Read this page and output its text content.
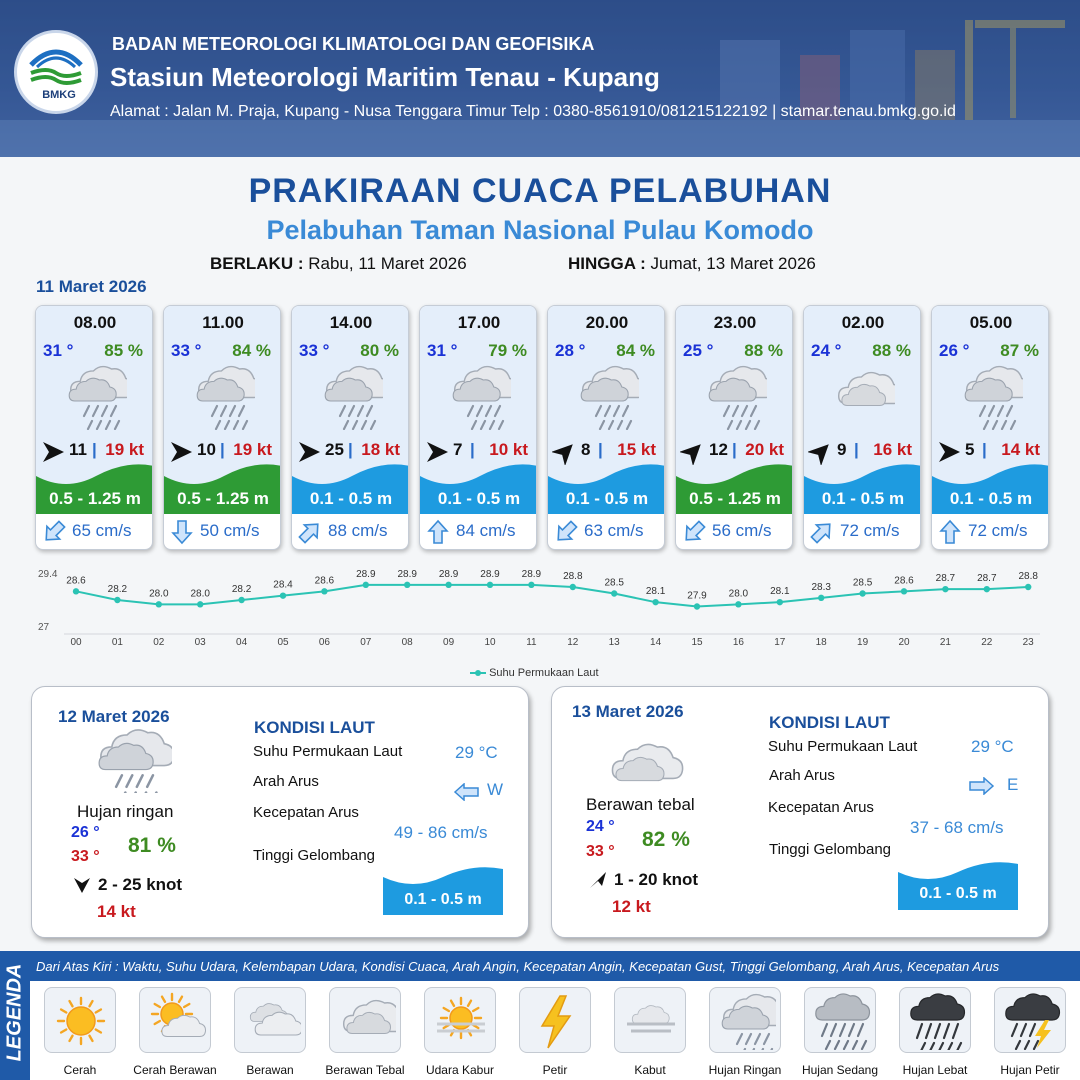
BMKG
BADAN METEOROLOGI KLIMATOLOGI DAN GEOFISIKA
Stasiun Meteorologi Maritim Tenau - Kupang
Alamat : Jalan M. Praja, Kupang - Nusa Tenggara Timur Telp : 0380-8561910/081215122192 | stamar.tenau.bmkg.go.id
PRAKIRAAN CUACA PELABUHAN
Pelabuhan Taman Nasional Pulau Komodo
BERLAKU : Rabu, 11 Maret 2026	HINGGA : Jumat, 13 Maret 2026
11 Maret 2026
08.00
31 ° 85 %
11 | 19 kt
0.5 - 1.25 m
65 cm/s
11.00
33 ° 84 %
10 | 19 kt
0.5 - 1.25 m
50 cm/s
14.00
33 ° 80 %
25 | 18 kt
0.1 - 0.5 m
88 cm/s
17.00
31 ° 79 %
7 | 10 kt
0.1 - 0.5 m
84 cm/s
20.00
28 ° 84 %
8 | 15 kt
0.1 - 0.5 m
63 cm/s
23.00
25 ° 88 %
12 | 20 kt
0.5 - 1.25 m
56 cm/s
02.00
24 ° 88 %
9 | 16 kt
0.1 - 0.5 m
72 cm/s
05.00
26 ° 87 %
5 | 14 kt
0.1 - 0.5 m
72 cm/s
29.4
27
28.6
00
28.2
01
28.0
02
28.0
03
28.2
04
28.4
05
28.6
06
28.9
07
28.9
08
28.9
09
28.9
10
28.9
11
28.8
12
28.5
13
28.1
14
27.9
15
28.0
16
28.1
17
28.3
18
28.5
19
28.6
20
28.7
21
28.7
22
28.8
23
Suhu Permukaan Laut
12 Maret 2026
Hujan ringan
26 °
33 ° 81 %
2 - 25 knot
14 kt
KONDISI LAUT
Suhu Permukaan Laut	29 °C
Arah Arus	W
Kecepatan Arus
49 - 86 cm/s
Tinggi Gelombang
0.1 - 0.5 m
13 Maret 2026
Berawan tebal
24 °
33 °
82 %
1 - 20 knot
12 kt
KONDISI LAUT
Suhu Permukaan Laut	29 °C
Arah Arus	E
Kecepatan Arus
37 - 68 cm/s
Tinggi Gelombang
0.1 - 0.5 m
LEGENDA Dari Atas Kiri : Waktu, Suhu Udara, Kelembapan Udara, Kondisi Cuaca, Arah Angin, Kecepatan Angin, Kecepatan Gust, Tinggi Gelombang, Arah Arus, Kecepatan Arus
Cerah	Cerah Berawan	Berawan	Berawan Tebal	Udara Kabur	Petir	Kabut	Hujan Ringan	Hujan Sedang	Hujan Lebat	Hujan Petir
